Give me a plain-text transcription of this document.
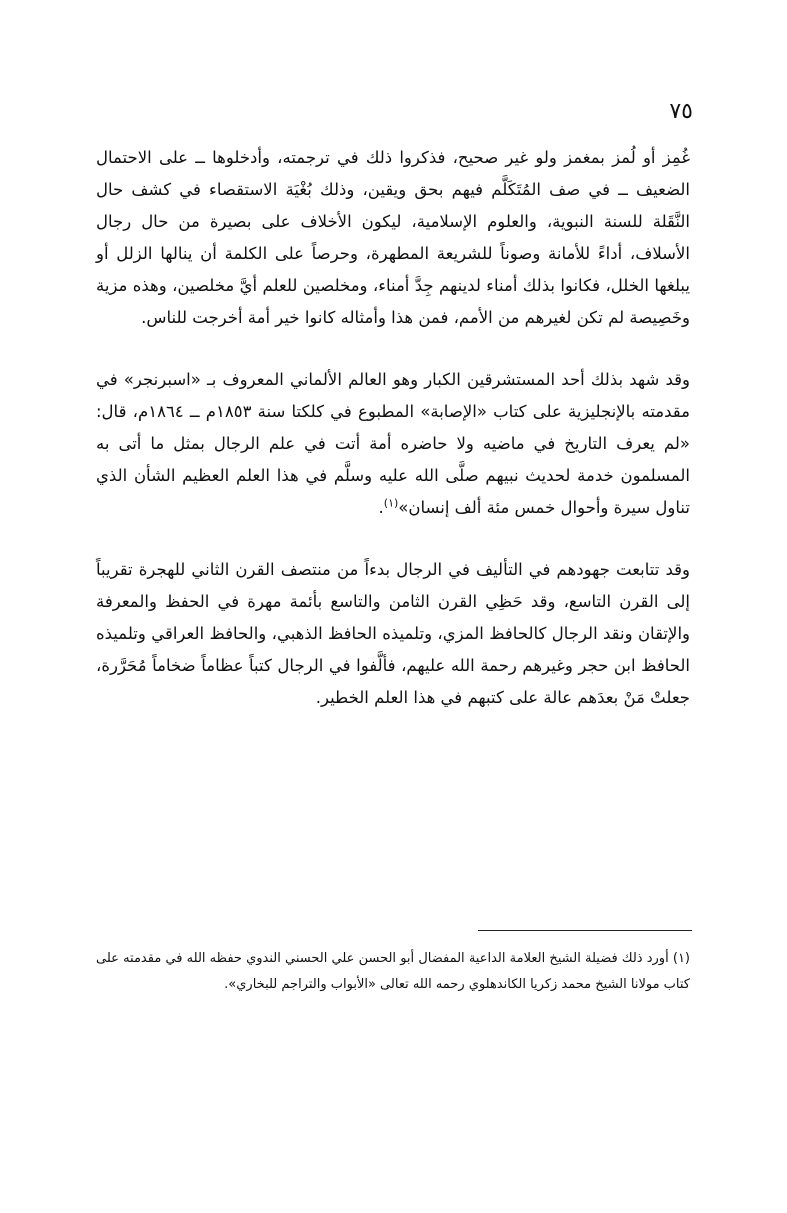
٧٥

غُمِز أو لُمز بمغمز ولو غير صحيح، فذكروا ذلك في ترجمته، وأدخلوها ــ على الاحتمال الضعيف ــ في صف المُتَكَلَّم فيهم بحق ويقين، وذلك بُغْيَة الاستقصاء في كشف حال النَّقَلة للسنة النبوية، والعلوم الإسلامية، ليكون الأخلاف على بصيرة من حال رجال الأسلاف، أداءً للأمانة وصوناً للشريعة المطهرة، وحرصاً على الكلمة أن ينالها الزلل أو يبلغها الخلل، فكانوا بذلك أمناء لدينهم جِدَّ أمناء، ومخلصين للعلم أيَّ مخلصين، وهذه مزية وخَصِيصة لم تكن لغيرهم من الأمم، فمن هذا وأمثاله كانوا خير أمة أخرجت للناس.

وقد شهد بذلك أحد المستشرقين الكبار وهو العالم الألماني المعروف بـ «اسبرنجر» في مقدمته بالإنجليزية على كتاب «الإصابة» المطبوع في كلكتا سنة ١٨٥٣م ــ ١٨٦٤م، قال: «لم يعرف التاريخ في ماضيه ولا حاضره أمة أتت في علم الرجال بمثل ما أتى به المسلمون خدمة لحديث نبيهم صلَّى الله عليه وسلَّم في هذا العلم العظيم الشأن الذي تناول سيرة وأحوال خمس مئة ألف إنسان»$^{(١)}$.

وقد تتابعت جهودهم في التأليف في الرجال بدءاً من منتصف القرن الثاني للهجرة تقريباً إلى القرن التاسع، وقد حَظِي القرن الثامن والتاسع بأئمة مهرة في الحفظ والمعرفة والإتقان ونقد الرجال كالحافظ المزي، وتلميذه الحافظ الذهبي، والحافظ العراقي وتلميذه الحافظ ابن حجر وغيرهم رحمة الله عليهم، فألَّفوا في الرجال كتباً عظاماً ضخاماً مُحَرَّرة، جعلتْ مَنْ بعدَهم عالة على كتبهم في هذا العلم الخطير.

(١) أورد ذلك فضيلة الشيخ العلامة الداعية المفضال أبو الحسن علي الحسني الندوي حفظه الله في مقدمته على كتاب مولانا الشيخ محمد زكريا الكاندهلوي رحمه الله تعالى «الأبواب والتراجم للبخاري».
